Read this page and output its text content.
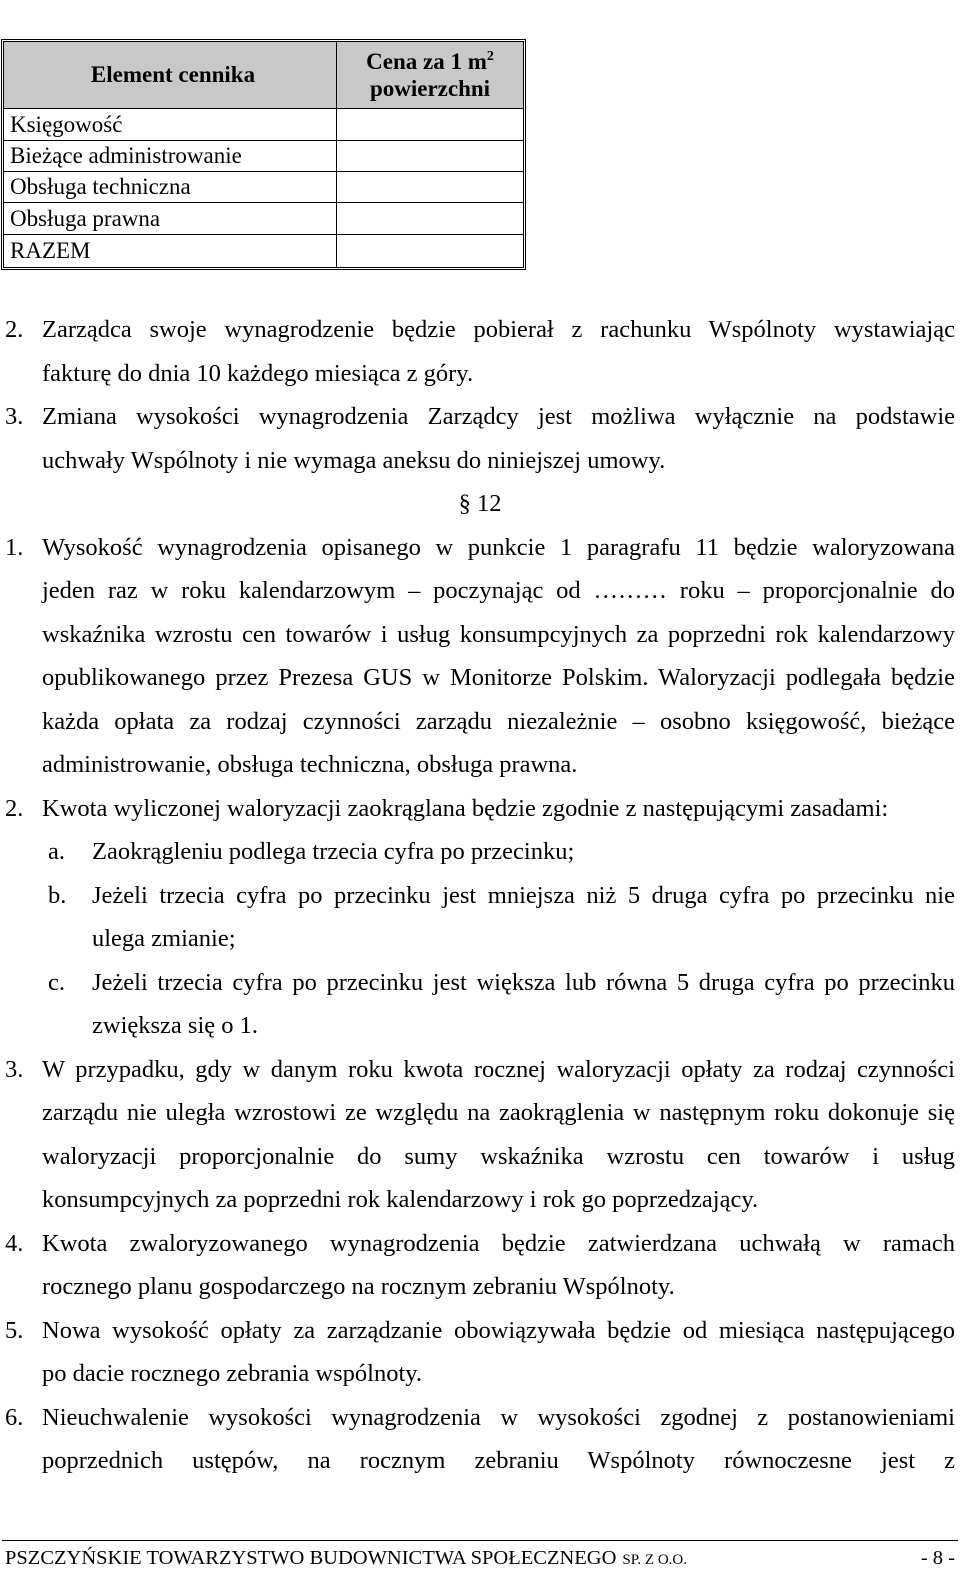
Element cennika
Cena za 1 $m^2$
powierzchni
Księgowość
Bieżące administrowanie
Obsługa techniczna
Obsługa prawna
RAZEM
2. Zarządca swoje wynagrodzenie będzie pobierał z rachunku Wspólnoty wystawiając
fakturę do dnia 10 każdego miesiąca z góry.
3. Zmiana wysokości wynagrodzenia Zarządcy jest możliwa wyłącznie na podstawie
uchwały Wspólnoty i nie wymaga aneksu do niniejszej umowy.
§ 12
1. Wysokość wynagrodzenia opisanego w punkcie 1 paragrafu 11 będzie waloryzowana
jeden raz w roku kalendarzowym – poczynając od ……… roku – proporcjonalnie do
wskaźnika wzrostu cen towarów i usług konsumpcyjnych za poprzedni rok kalendarzowy
opublikowanego przez Prezesa GUS w Monitorze Polskim. Waloryzacji podlegała będzie
każda opłata za rodzaj czynności zarządu niezależnie – osobno księgowość, bieżące
administrowanie, obsługa techniczna, obsługa prawna.
2. Kwota wyliczonej waloryzacji zaokrąglana będzie zgodnie z następującymi zasadami:
a. Zaokrągleniu podlega trzecia cyfra po przecinku;
b. Jeżeli trzecia cyfra po przecinku jest mniejsza niż 5 druga cyfra po przecinku nie
ulega zmianie;
c. Jeżeli trzecia cyfra po przecinku jest większa lub równa 5 druga cyfra po przecinku
zwiększa się o 1.
3. W przypadku, gdy w danym roku kwota rocznej waloryzacji opłaty za rodzaj czynności
zarządu nie uległa wzrostowi ze względu na zaokrąglenia w następnym roku dokonuje się
waloryzacji proporcjonalnie do sumy wskaźnika wzrostu cen towarów i usług
konsumpcyjnych za poprzedni rok kalendarzowy i rok go poprzedzający.
4. Kwota zwaloryzowanego wynagrodzenia będzie zatwierdzana uchwałą w ramach
rocznego planu gospodarczego na rocznym zebraniu Wspólnoty.
5. Nowa wysokość opłaty za zarządzanie obowiązywała będzie od miesiąca następującego
po dacie rocznego zebrania wspólnoty.
6. Nieuchwalenie wysokości wynagrodzenia w wysokości zgodnej z postanowieniami
poprzednich ustępów, na rocznym zebraniu Wspólnoty równoczesne jest z
PSZCZYŃSKIE TOWARZYSTWO BUDOWNICTWA SPOŁECZNEGO SP. Z O.O.	- 8 -
